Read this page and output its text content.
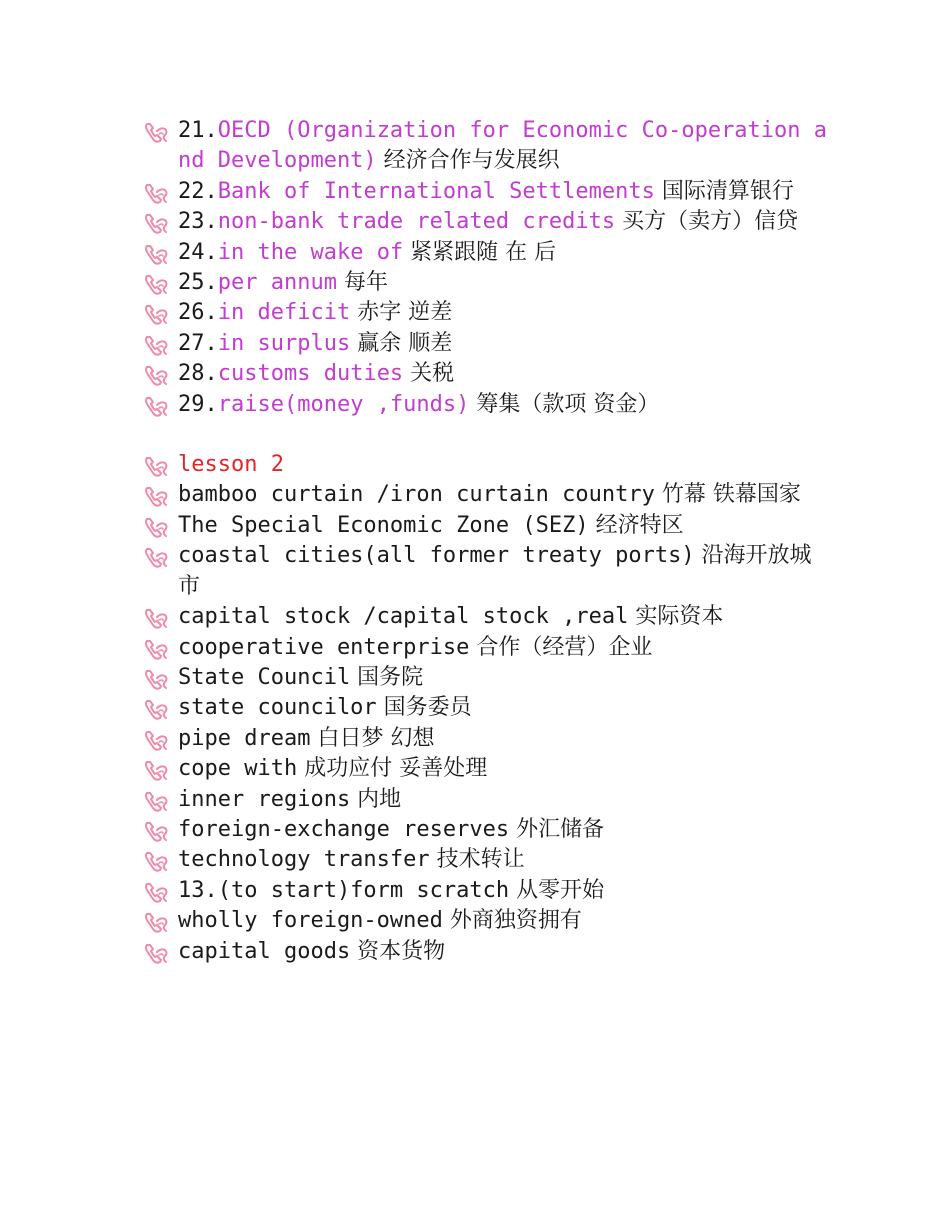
21.OECD (Organization for Economic Co-operation and Development) 经济合作与发展织
22.Bank of International Settlements 国际清算银行
23.non-bank trade related credits 买方（卖方）信贷
24.in the wake of 紧紧跟随 在 后
25.per annum 每年
26.in deficit 赤字 逆差
27.in surplus 赢余 顺差
28.customs duties 关税
29.raise(money ,funds) 筹集（款项 资金）
lesson 2
bamboo curtain /iron curtain country 竹幕 铁幕国家
The Special Economic Zone (SEZ) 经济特区
coastal cities(all former treaty ports) 沿海开放城市
capital stock /capital stock ,real 实际资本
cooperative enterprise 合作（经营）企业
State Council 国务院
state councilor 国务委员
pipe dream 白日梦 幻想
cope with 成功应付 妥善处理
inner regions 内地
foreign-exchange reserves 外汇储备
technology transfer 技术转让
13.(to start)form scratch 从零开始
wholly foreign-owned 外商独资拥有
capital goods 资本货物
